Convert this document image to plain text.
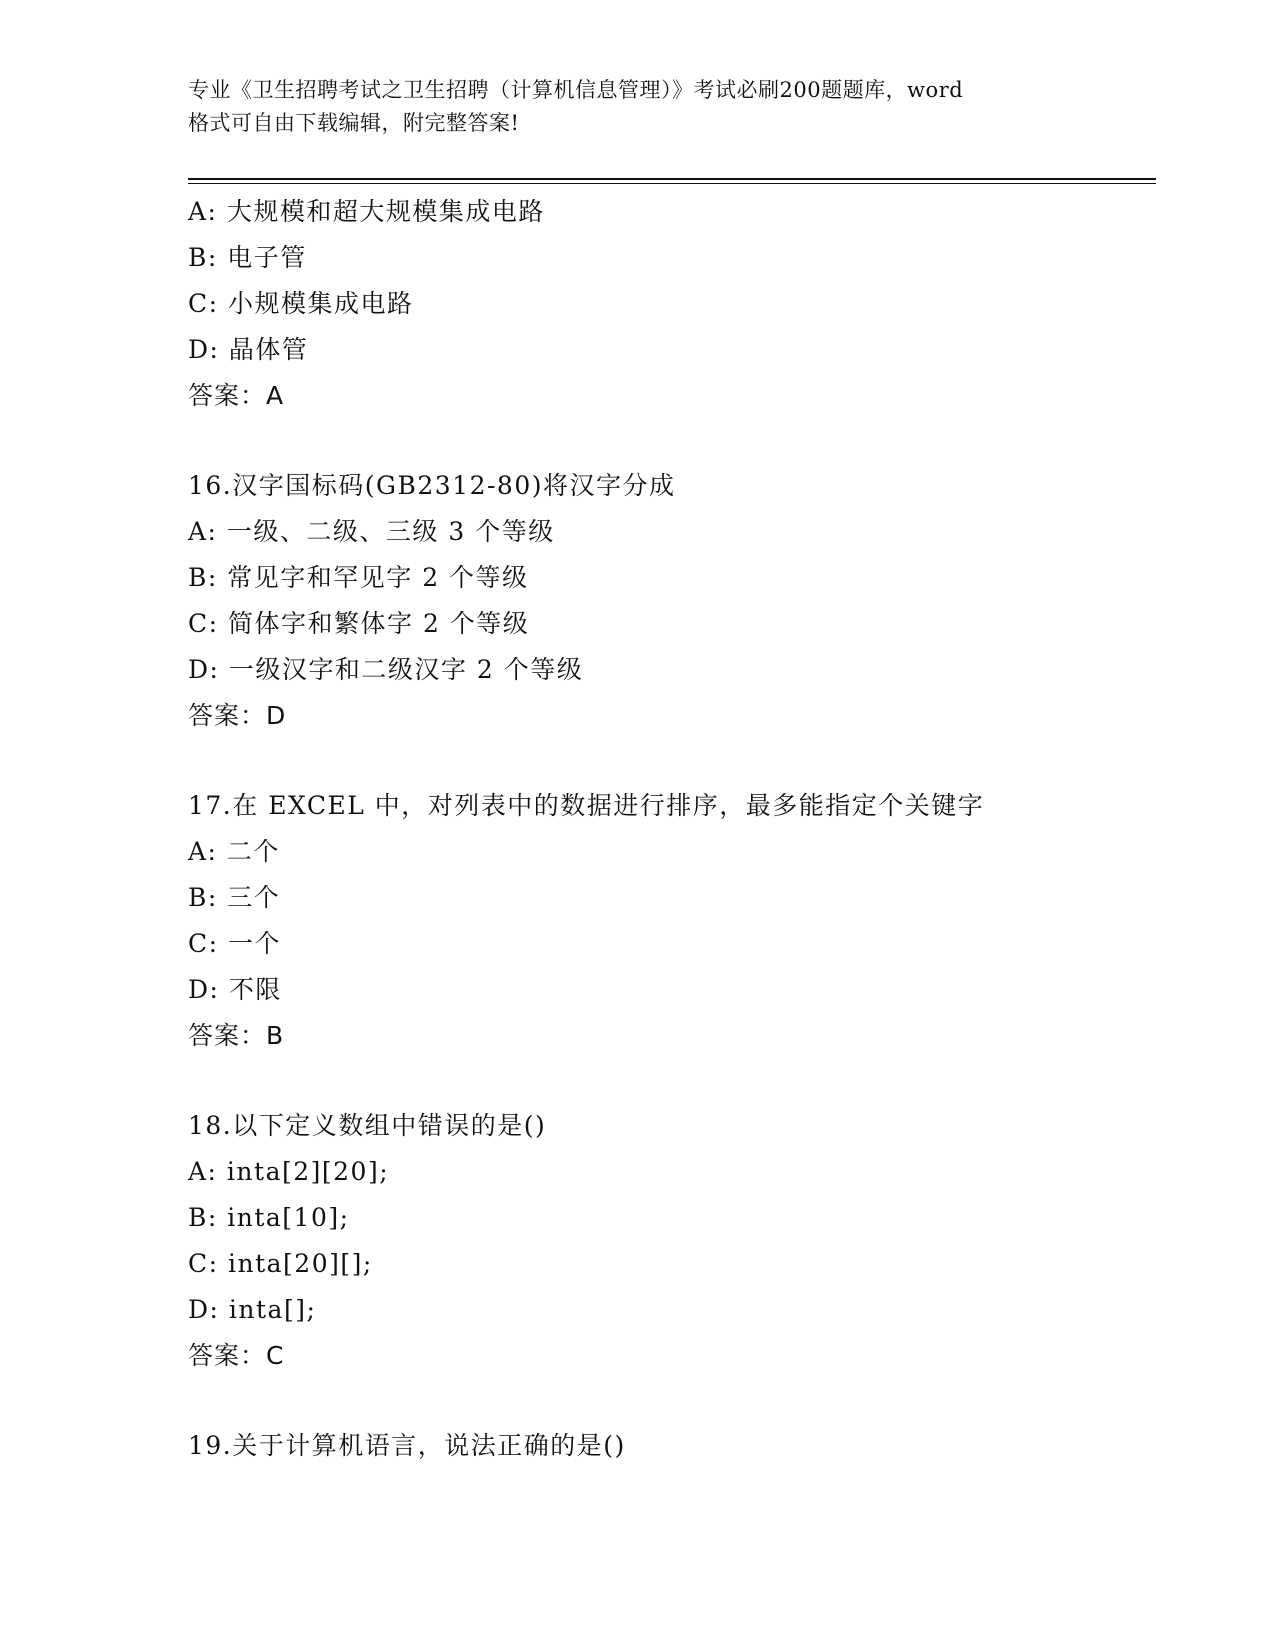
专业《卫生招聘考试之卫生招聘（计算机信息管理）》考试必刷200题题库，word
格式可自由下载编辑，附完整答案!
A: 大规模和超大规模集成电路
B: 电子管
C: 小规模集成电路
D: 晶体管
答案：A
16.汉字国标码(GB2312-80)将汉字分成
A: 一级、二级、三级 3 个等级
B: 常见字和罕见字 2 个等级
C: 简体字和繁体字 2 个等级
D: 一级汉字和二级汉字 2 个等级
答案：D
17.在 EXCEL 中，对列表中的数据进行排序，最多能指定个关键字
A: 二个
B: 三个
C: 一个
D: 不限
答案：B
18.以下定义数组中错误的是()
A: inta[2][20];
B: inta[10];
C: inta[20][];
D: inta[];
答案：C
19.关于计算机语言，说法正确的是()
